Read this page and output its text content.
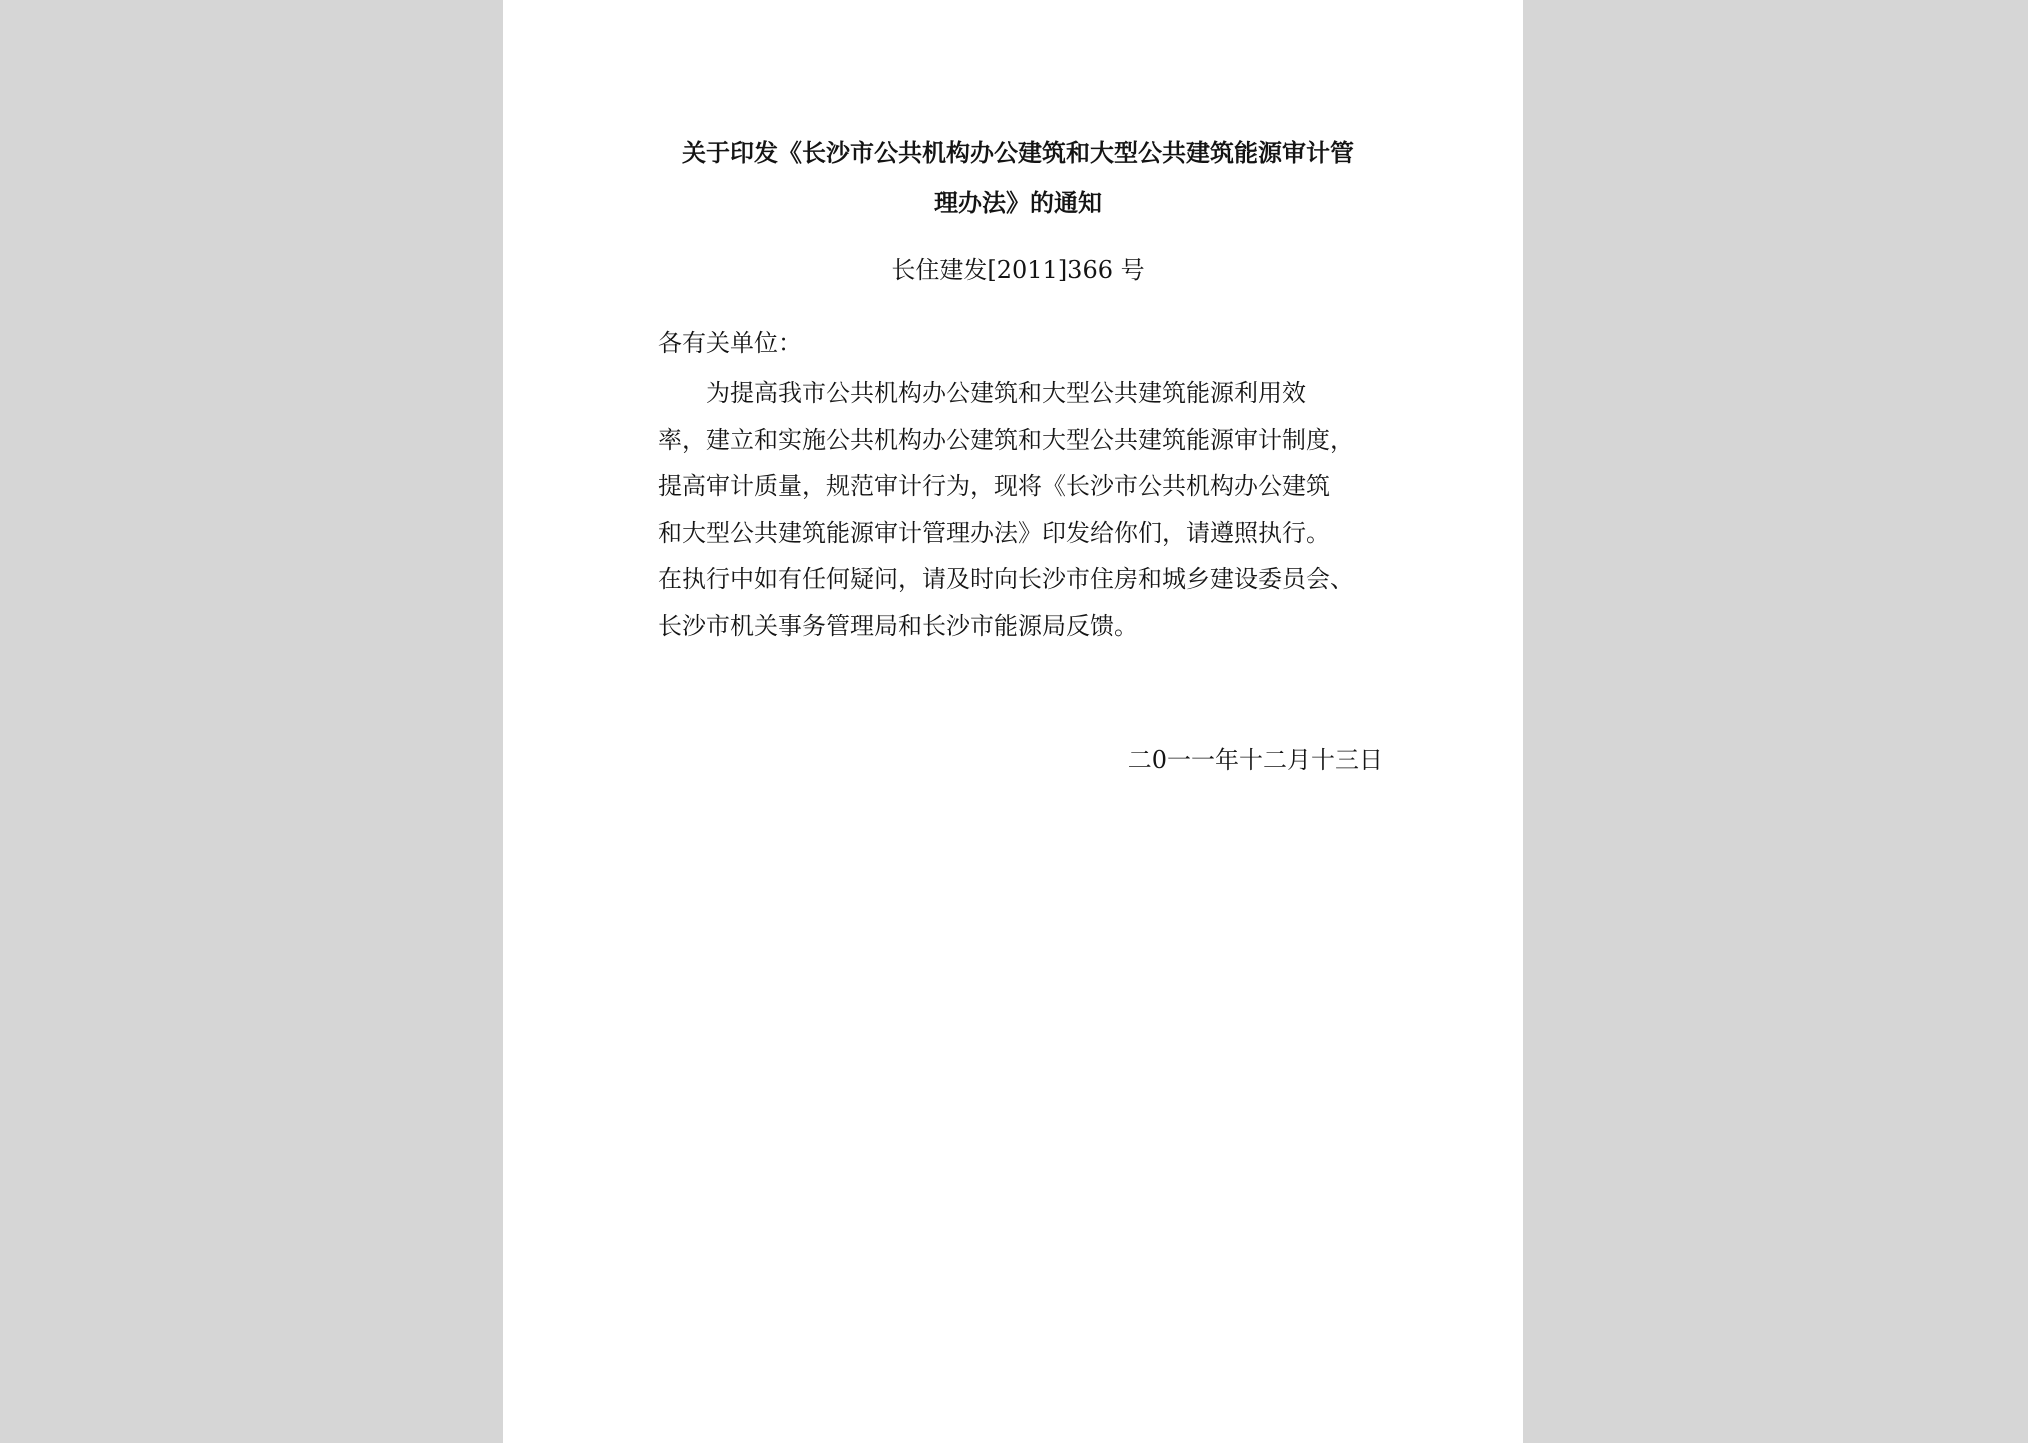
关于印发《长沙市公共机构办公建筑和大型公共建筑能源审计管
理办法》的通知
长住建发[2011]366 号
各有关单位：
为提高我市公共机构办公建筑和大型公共建筑能源利用效
率，建立和实施公共机构办公建筑和大型公共建筑能源审计制度，
提高审计质量，规范审计行为，现将《长沙市公共机构办公建筑
和大型公共建筑能源审计管理办法》印发给你们，请遵照执行。
在执行中如有任何疑问，请及时向长沙市住房和城乡建设委员会、
长沙市机关事务管理局和长沙市能源局反馈。
二0一一年十二月十三日
